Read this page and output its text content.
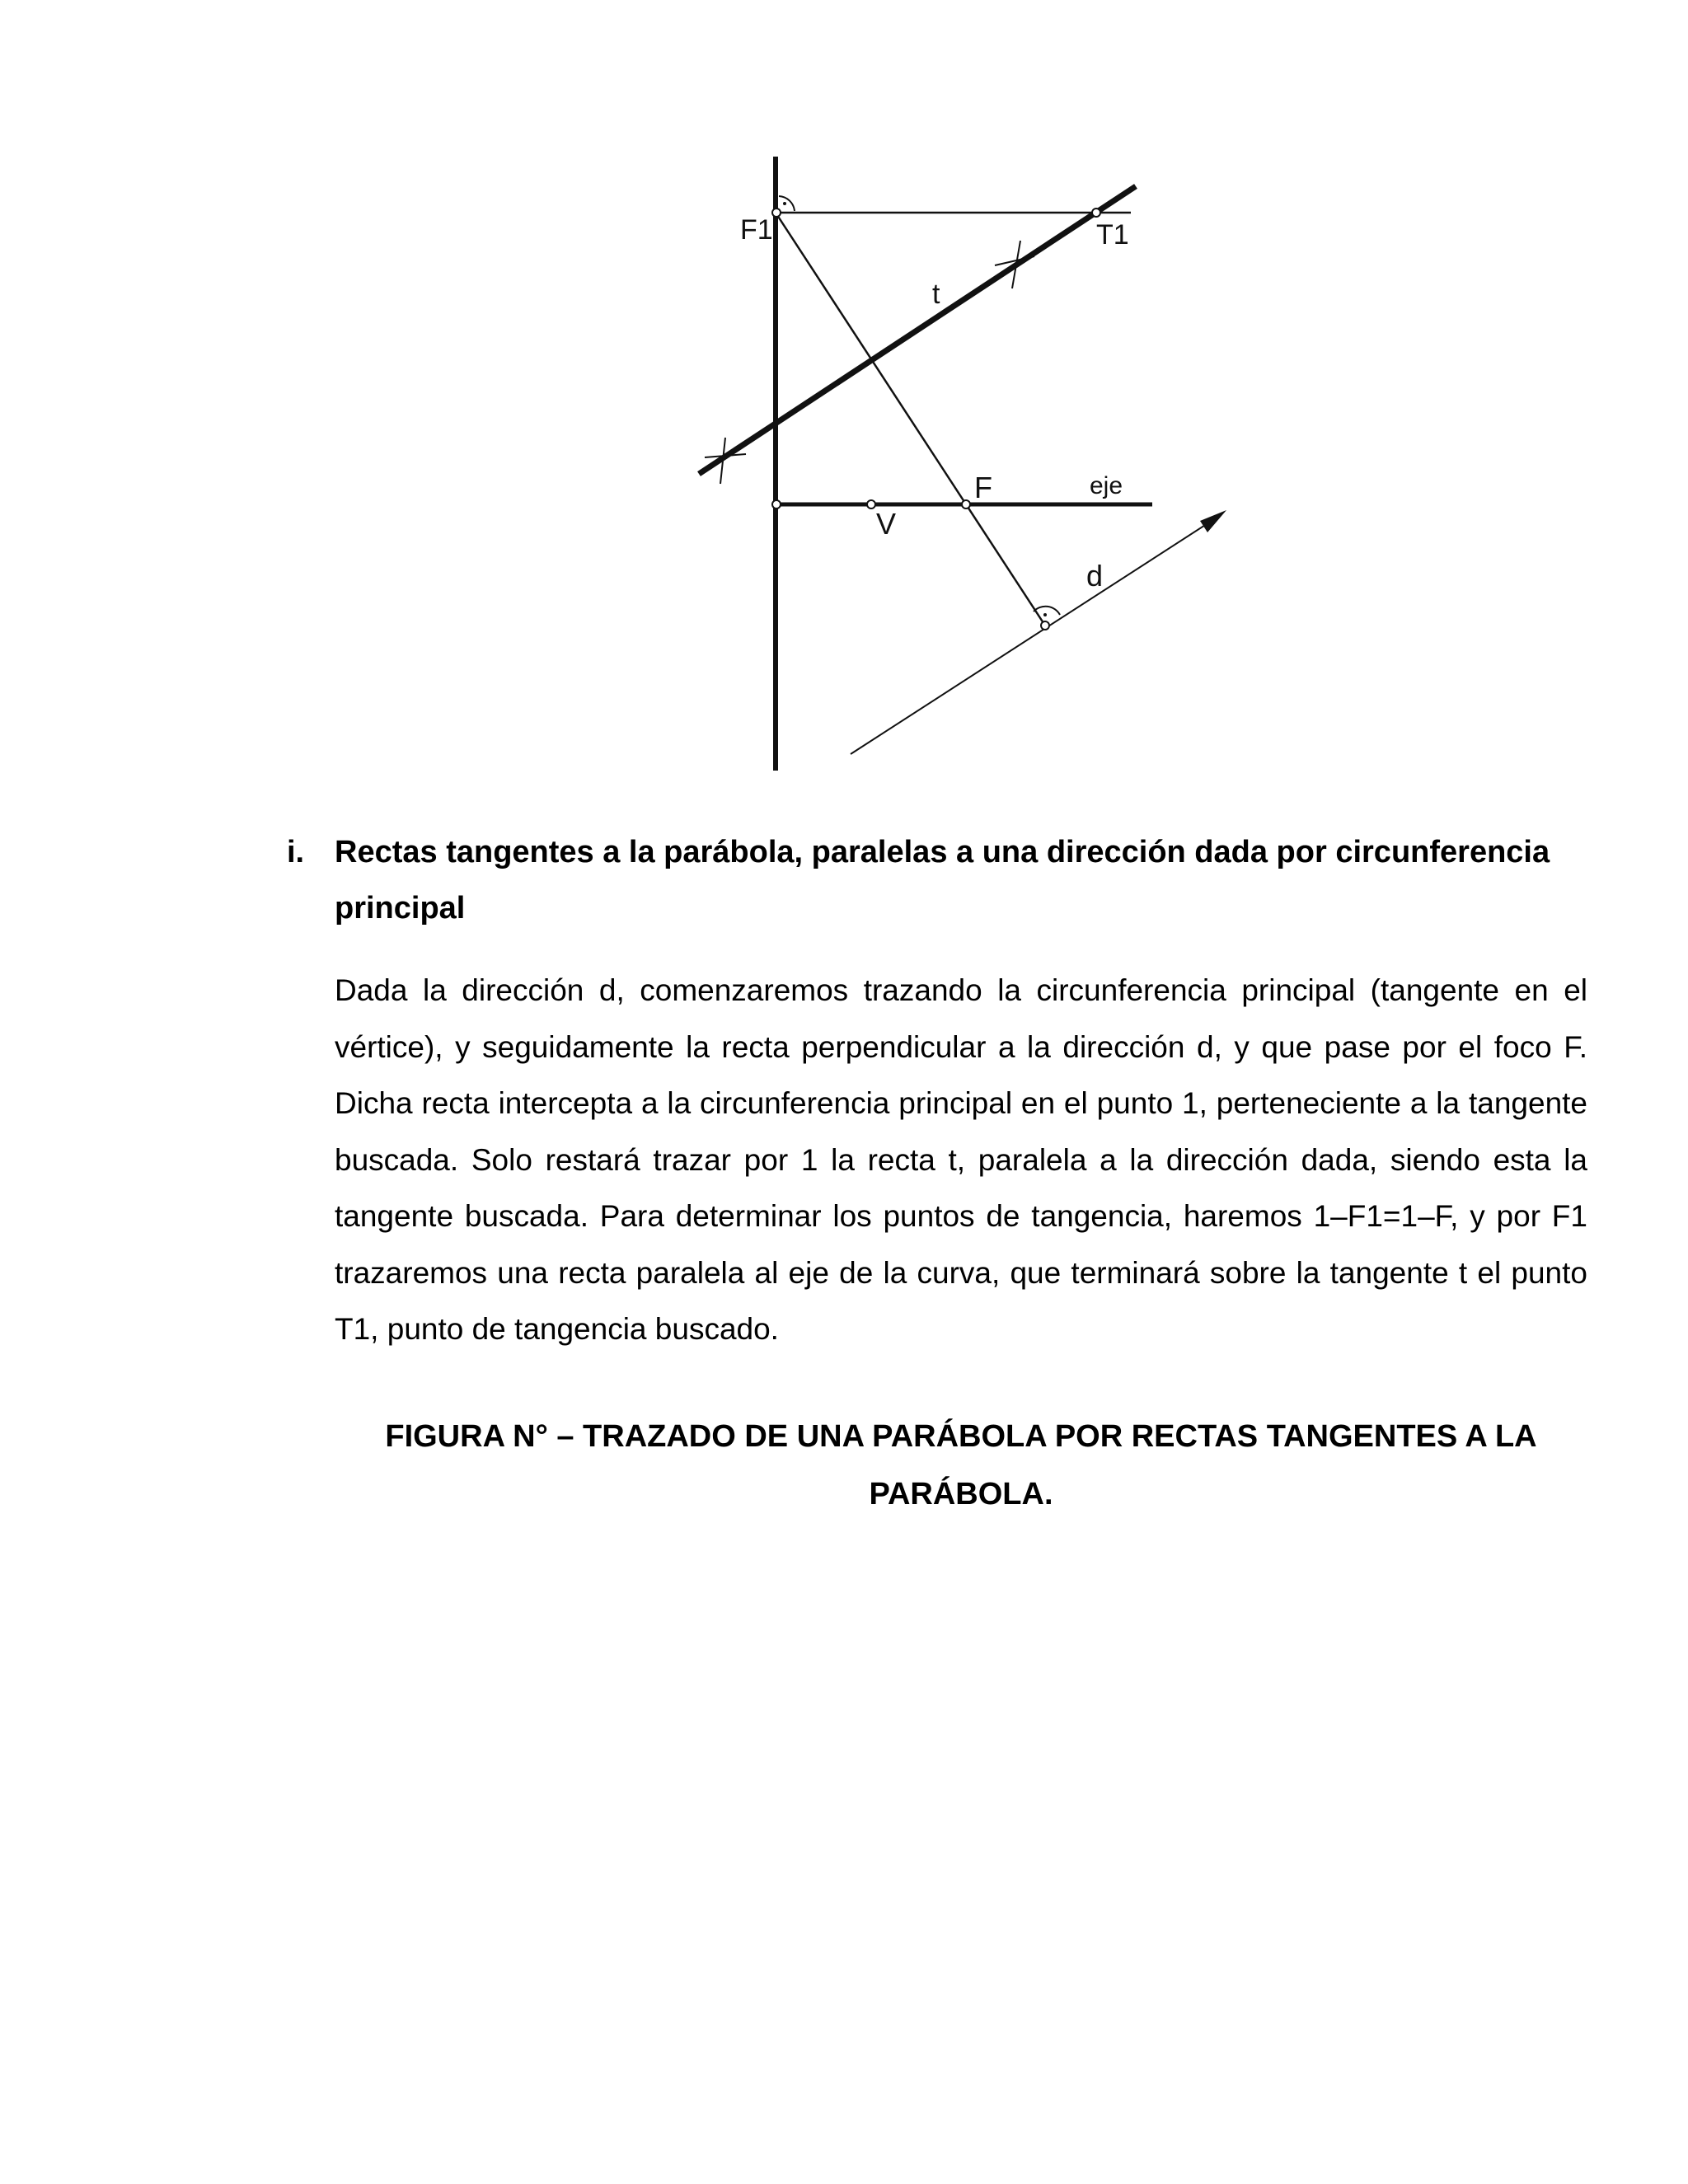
F1	T1
t
F	eje
V
d
i. Rectas tangentes a la parábola, paralelas a una dirección dada por circunferencia principal

Dada la dirección d, comenzaremos trazando la circunferencia principal (tangente en el vértice), y seguidamente la recta perpendicular a la dirección d, y que pase por el foco F. Dicha recta intercepta a la circunferencia principal en el punto 1, perteneciente a la tangente buscada. Solo restará trazar por 1 la recta t, paralela a la dirección dada, siendo esta la tangente buscada. Para determinar los puntos de tangencia, haremos 1–F1=1–F, y por F1 trazaremos una recta paralela al eje de la curva, que terminará sobre la tangente t el punto T1, punto de tangencia buscado.

FIGURA N° – TRAZADO DE UNA PARÁBOLA POR RECTAS TANGENTES A LA PARÁBOLA.
